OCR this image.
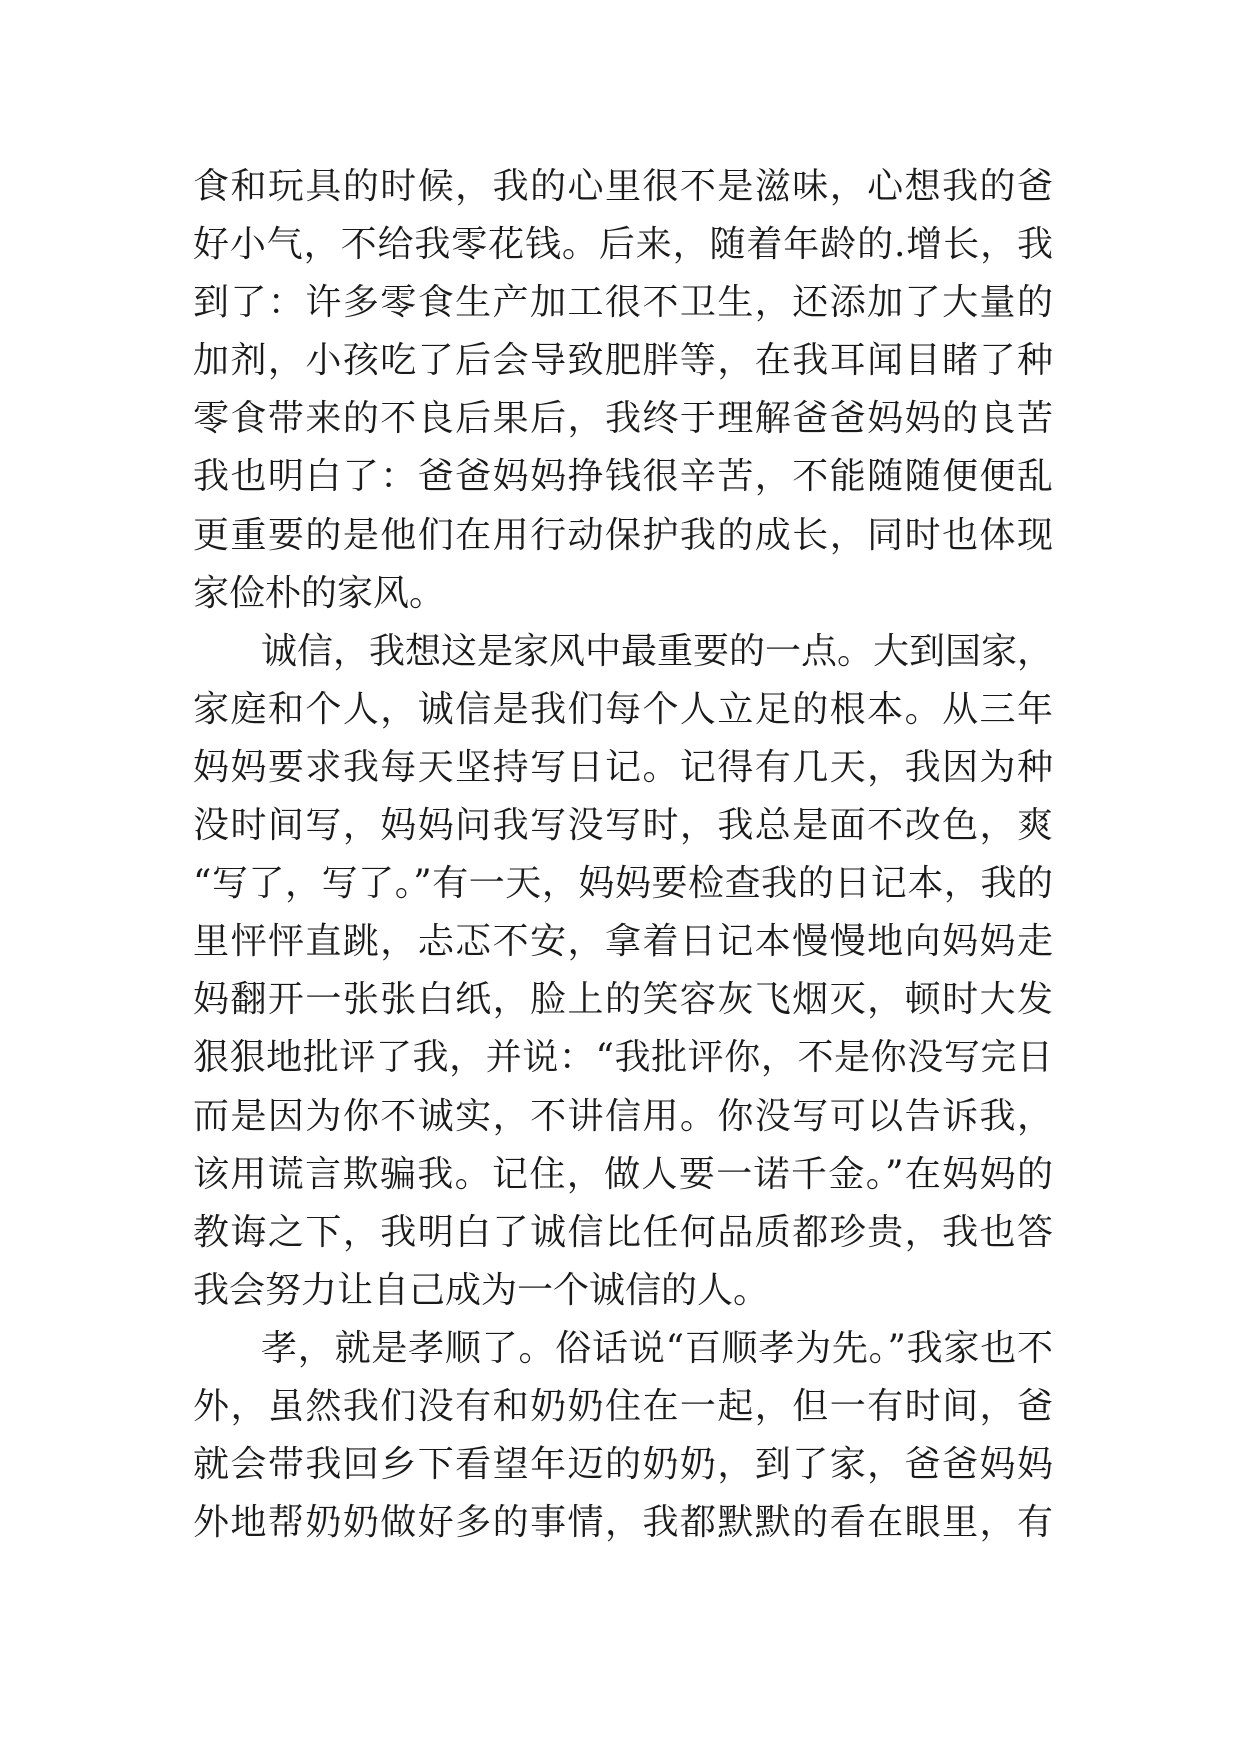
食和玩具的时候，我的心里很不是滋味，心想我的爸
好小气，不给我零花钱。后来，随着年龄的.增长，我
到了：许多零食生产加工很不卫生，还添加了大量的
加剂，小孩吃了后会导致肥胖等，在我耳闻目睹了种
零食带来的不良后果后，我终于理解爸爸妈妈的良苦
我也明白了：爸爸妈妈挣钱很辛苦，不能随随便便乱
更重要的是他们在用行动保护我的成长，同时也体现
家俭朴的家风。
诚信，我想这是家风中最重要的一点。大到国家，
家庭和个人，诚信是我们每个人立足的根本。从三年
妈妈要求我每天坚持写日记。记得有几天，我因为种
没时间写，妈妈问我写没写时，我总是面不改色，爽
“写了，写了。”有一天，妈妈要检查我的日记本，我的
里怦怦直跳，忐忑不安，拿着日记本慢慢地向妈妈走
妈翻开一张张白纸，脸上的笑容灰飞烟灭，顿时大发
狠狠地批评了我，并说：“我批评你，不是你没写完日
而是因为你不诚实，不讲信用。你没写可以告诉我，
该用谎言欺骗我。记住，做人要一诺千金。”在妈妈的
教诲之下，我明白了诚信比任何品质都珍贵，我也答
我会努力让自己成为一个诚信的人。
孝，就是孝顺了。俗话说“百顺孝为先。”我家也不
外，虽然我们没有和奶奶住在一起，但一有时间，爸
就会带我回乡下看望年迈的奶奶，到了家，爸爸妈妈
外地帮奶奶做好多的事情，我都默默的看在眼里，有
